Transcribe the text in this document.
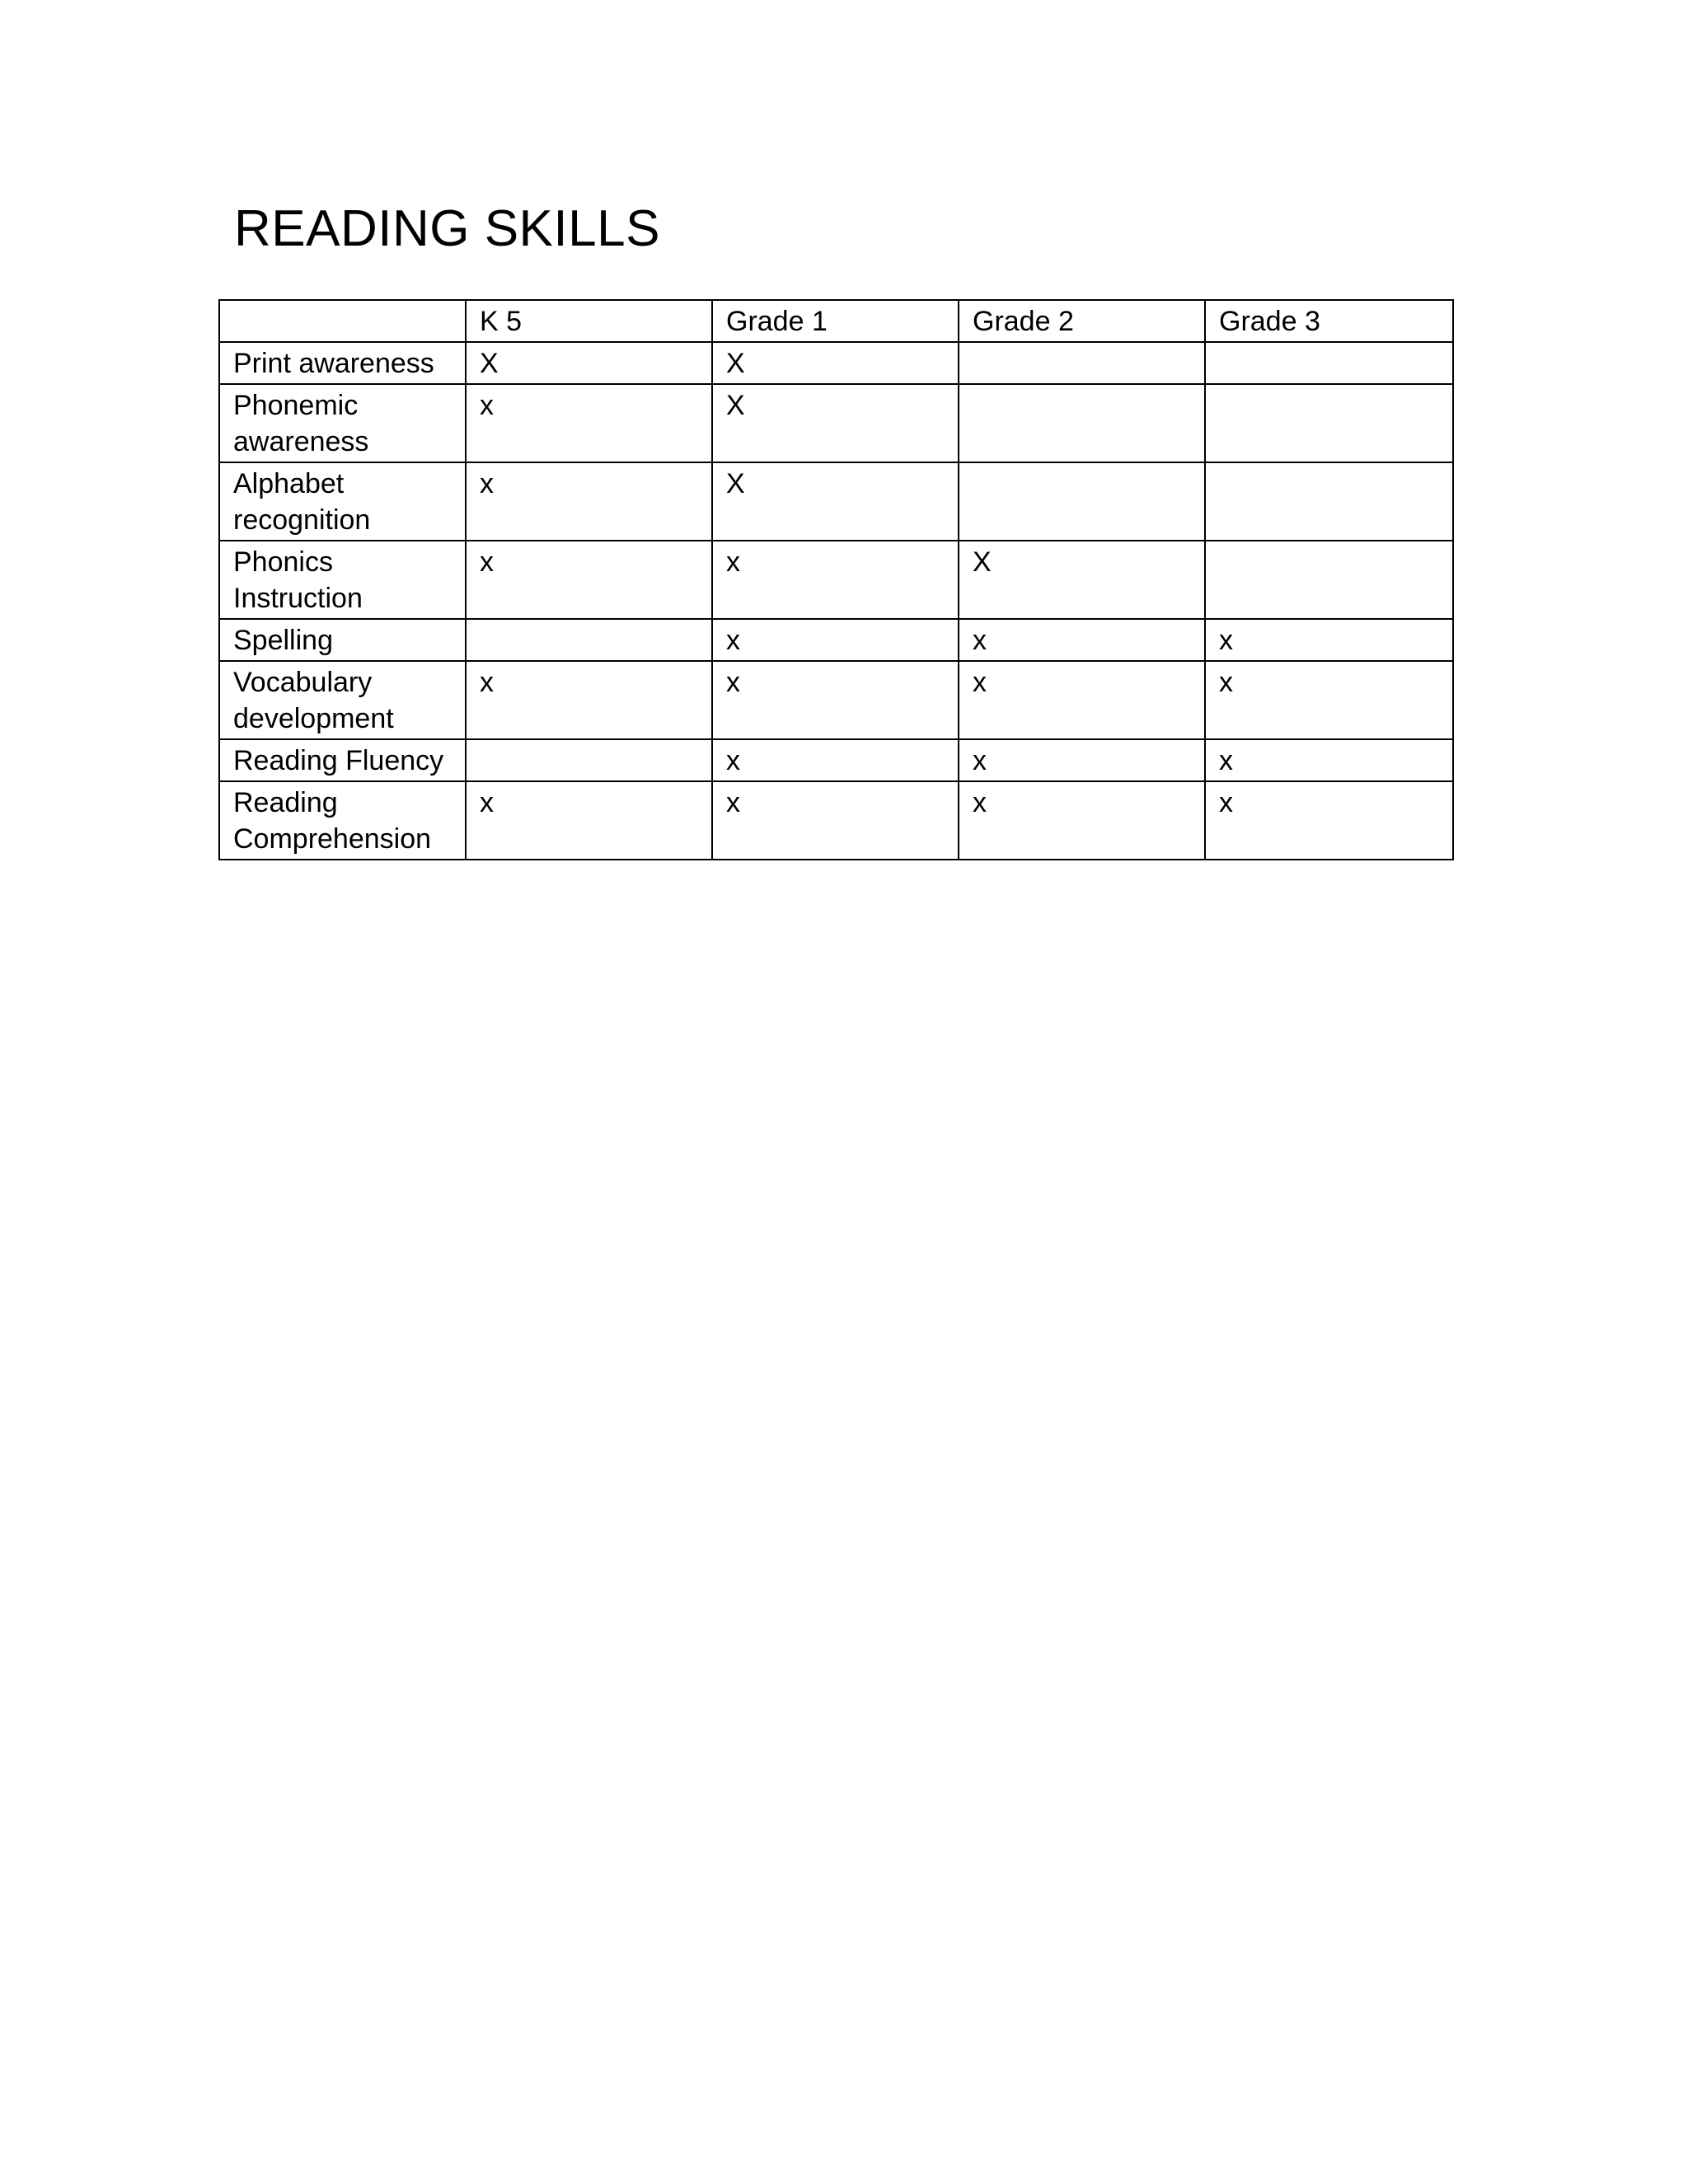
READING SKILLS
	K 5	Grade 1	Grade 2	Grade 3
Print awareness	X	X		
Phonemic awareness	x	X		
Alphabet recognition	x	X		
Phonics Instruction	x	x	X	
Spelling		x	x	x
Vocabulary development	x	x	x	x
Reading Fluency		x	x	x
Reading Comprehension	x	x	x	x
